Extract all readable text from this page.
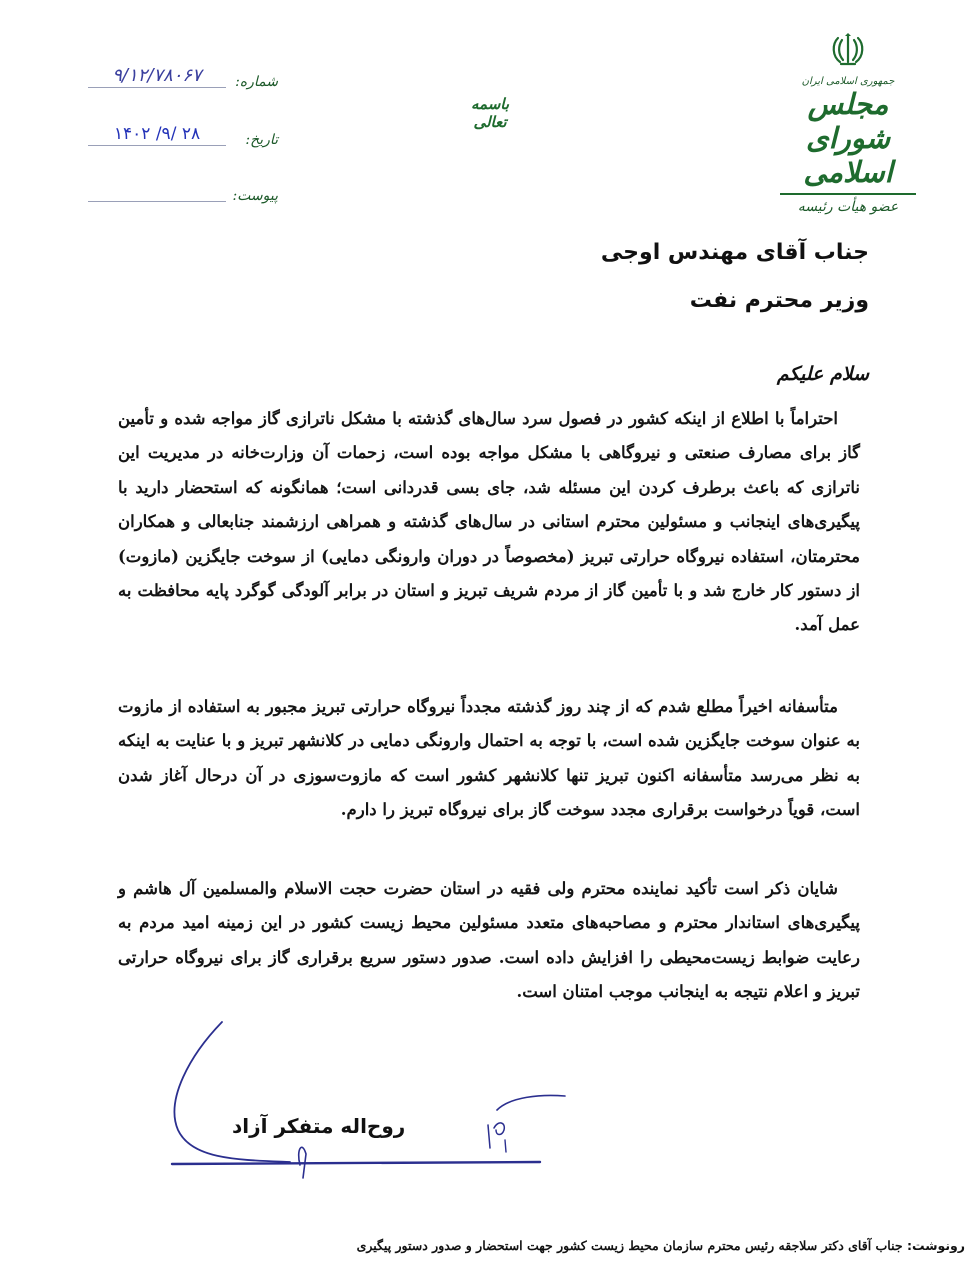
جمهوری اسلامی ایران
مجلس شورای اسلامی
عضو هیأت رئیسه
باسمه تعالی
شماره:
۹/۱۲/۷۸۰۶۷
تاریخ:
۱۴۰۲ /۹/ ۲۸
پیوست:
جناب آقای مهندس اوجی
وزیر محترم نفت
سلام علیکم

احتراماً با اطلاع از اینکه کشور در فصول سرد سال‌های گذشته با مشکل ناترازی گاز مواجه شده و تأمین گاز برای مصارف صنعتی و نیروگاهی با مشکل مواجه بوده است، زحمات آن وزارت‌خانه در مدیریت این ناترازی که باعث برطرف کردن این مسئله شد، جای بسی قدردانی است؛ همانگونه که استحضار دارید با پیگیری‌های اینجانب و مسئولین محترم استانی در سال‌های گذشته و همراهی ارزشمند جنابعالی و همکاران محترمتان، استفاده نیروگاه حرارتی تبریز (مخصوصاً در دوران وارونگی دمایی) از سوخت جایگزین (مازوت) از دستور کار خارج شد و با تأمین گاز از مردم شریف تبریز و استان در برابر آلودگی گوگرد پایه محافظت به عمل آمد.

متأسفانه اخیراً مطلع شدم که از چند روز گذشته مجدداً نیروگاه حرارتی تبریز مجبور به استفاده از مازوت به عنوان سوخت جایگزین شده است، با توجه به احتمال وارونگی دمایی در کلانشهر تبریز و با عنایت به اینکه به نظر می‌رسد متأسفانه اکنون تبریز تنها کلانشهر کشور است که مازوت‌سوزی در آن درحال آغاز شدن است، قویاً درخواست برقراری مجدد سوخت گاز برای نیروگاه تبریز را دارم.

شایان ذکر است تأکید نماینده محترم ولی فقیه در استان حضرت حجت الاسلام والمسلمین آل هاشم و پیگیری‌های استاندار محترم و مصاحبه‌های متعدد مسئولین محیط زیست کشور در این زمینه امید مردم به رعایت ضوابط زیست‌محیطی را افزایش داده است. صدور دستور سریع برقراری گاز برای نیروگاه حرارتی تبریز و اعلام نتیجه به اینجانب موجب امتنان است.

روح‌اله متفکر آزاد
رونوشت: جناب آقای دکتر سلاجقه رئیس محترم سازمان محیط زیست کشور جهت استحضار و صدور دستور پیگیری
